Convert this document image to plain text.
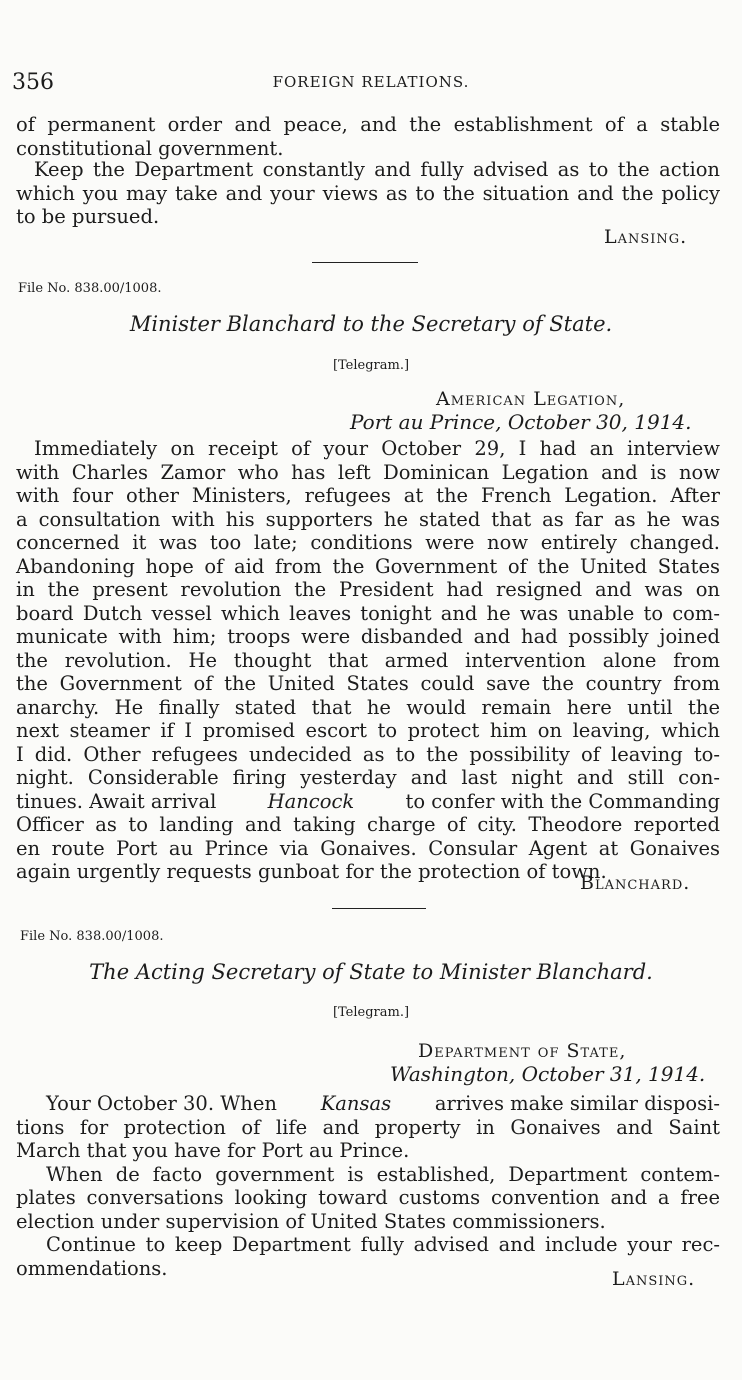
356	FOREIGN RELATIONS.
of permanent order and peace, and the establishment of a stable
constitutional government.
Keep the Department constantly and fully advised as to the action
which you may take and your views as to the situation and the policy
to be pursued.
Lansing.
File No. 838.00/1008.
Minister Blanchard to the Secretary of State.
[Telegram.]
American Legation,
Port au Prince, October 30, 1914.
Immediately on receipt of your October 29, I had an interview
with Charles Zamor who has left Dominican Legation and is now
with four other Ministers, refugees at the French Legation. After
a consultation with his supporters he stated that as far as he was
concerned it was too late; conditions were now entirely changed.
Abandoning hope of aid from the Government of the United States
in the present revolution the President had resigned and was on
board Dutch vessel which leaves tonight and he was unable to com-
municate with him; troops were disbanded and had possibly joined
the revolution. He thought that armed intervention alone from
the Government of the United States could save the country from
anarchy. He finally stated that he would remain here until the
next steamer if I promised escort to protect him on leaving, which
I did. Other refugees undecided as to the possibility of leaving to-
night. Considerable firing yesterday and last night and still con-
tinues. Await arrival	Hancock	to confer with the Commanding
Officer as to landing and taking charge of city. Theodore reported
en route Port au Prince via Gonaives. Consular Agent at Gonaives
again urgently requests gunboat for the protection of town.
Blanchard.
File No. 838.00/1008.
The Acting Secretary of State to Minister Blanchard.
[Telegram.]
Department of State,
Washington, October 31, 1914.
Your October 30. When Kansas arrives make similar disposi-
tions for protection of life and property in Gonaives and Saint
March that you have for Port au Prince.
When de facto government is established, Department contem-
plates conversations looking toward customs convention and a free
election under supervision of United States commissioners.
Continue to keep Department fully advised and include your rec-
ommendations.	Lansing.
